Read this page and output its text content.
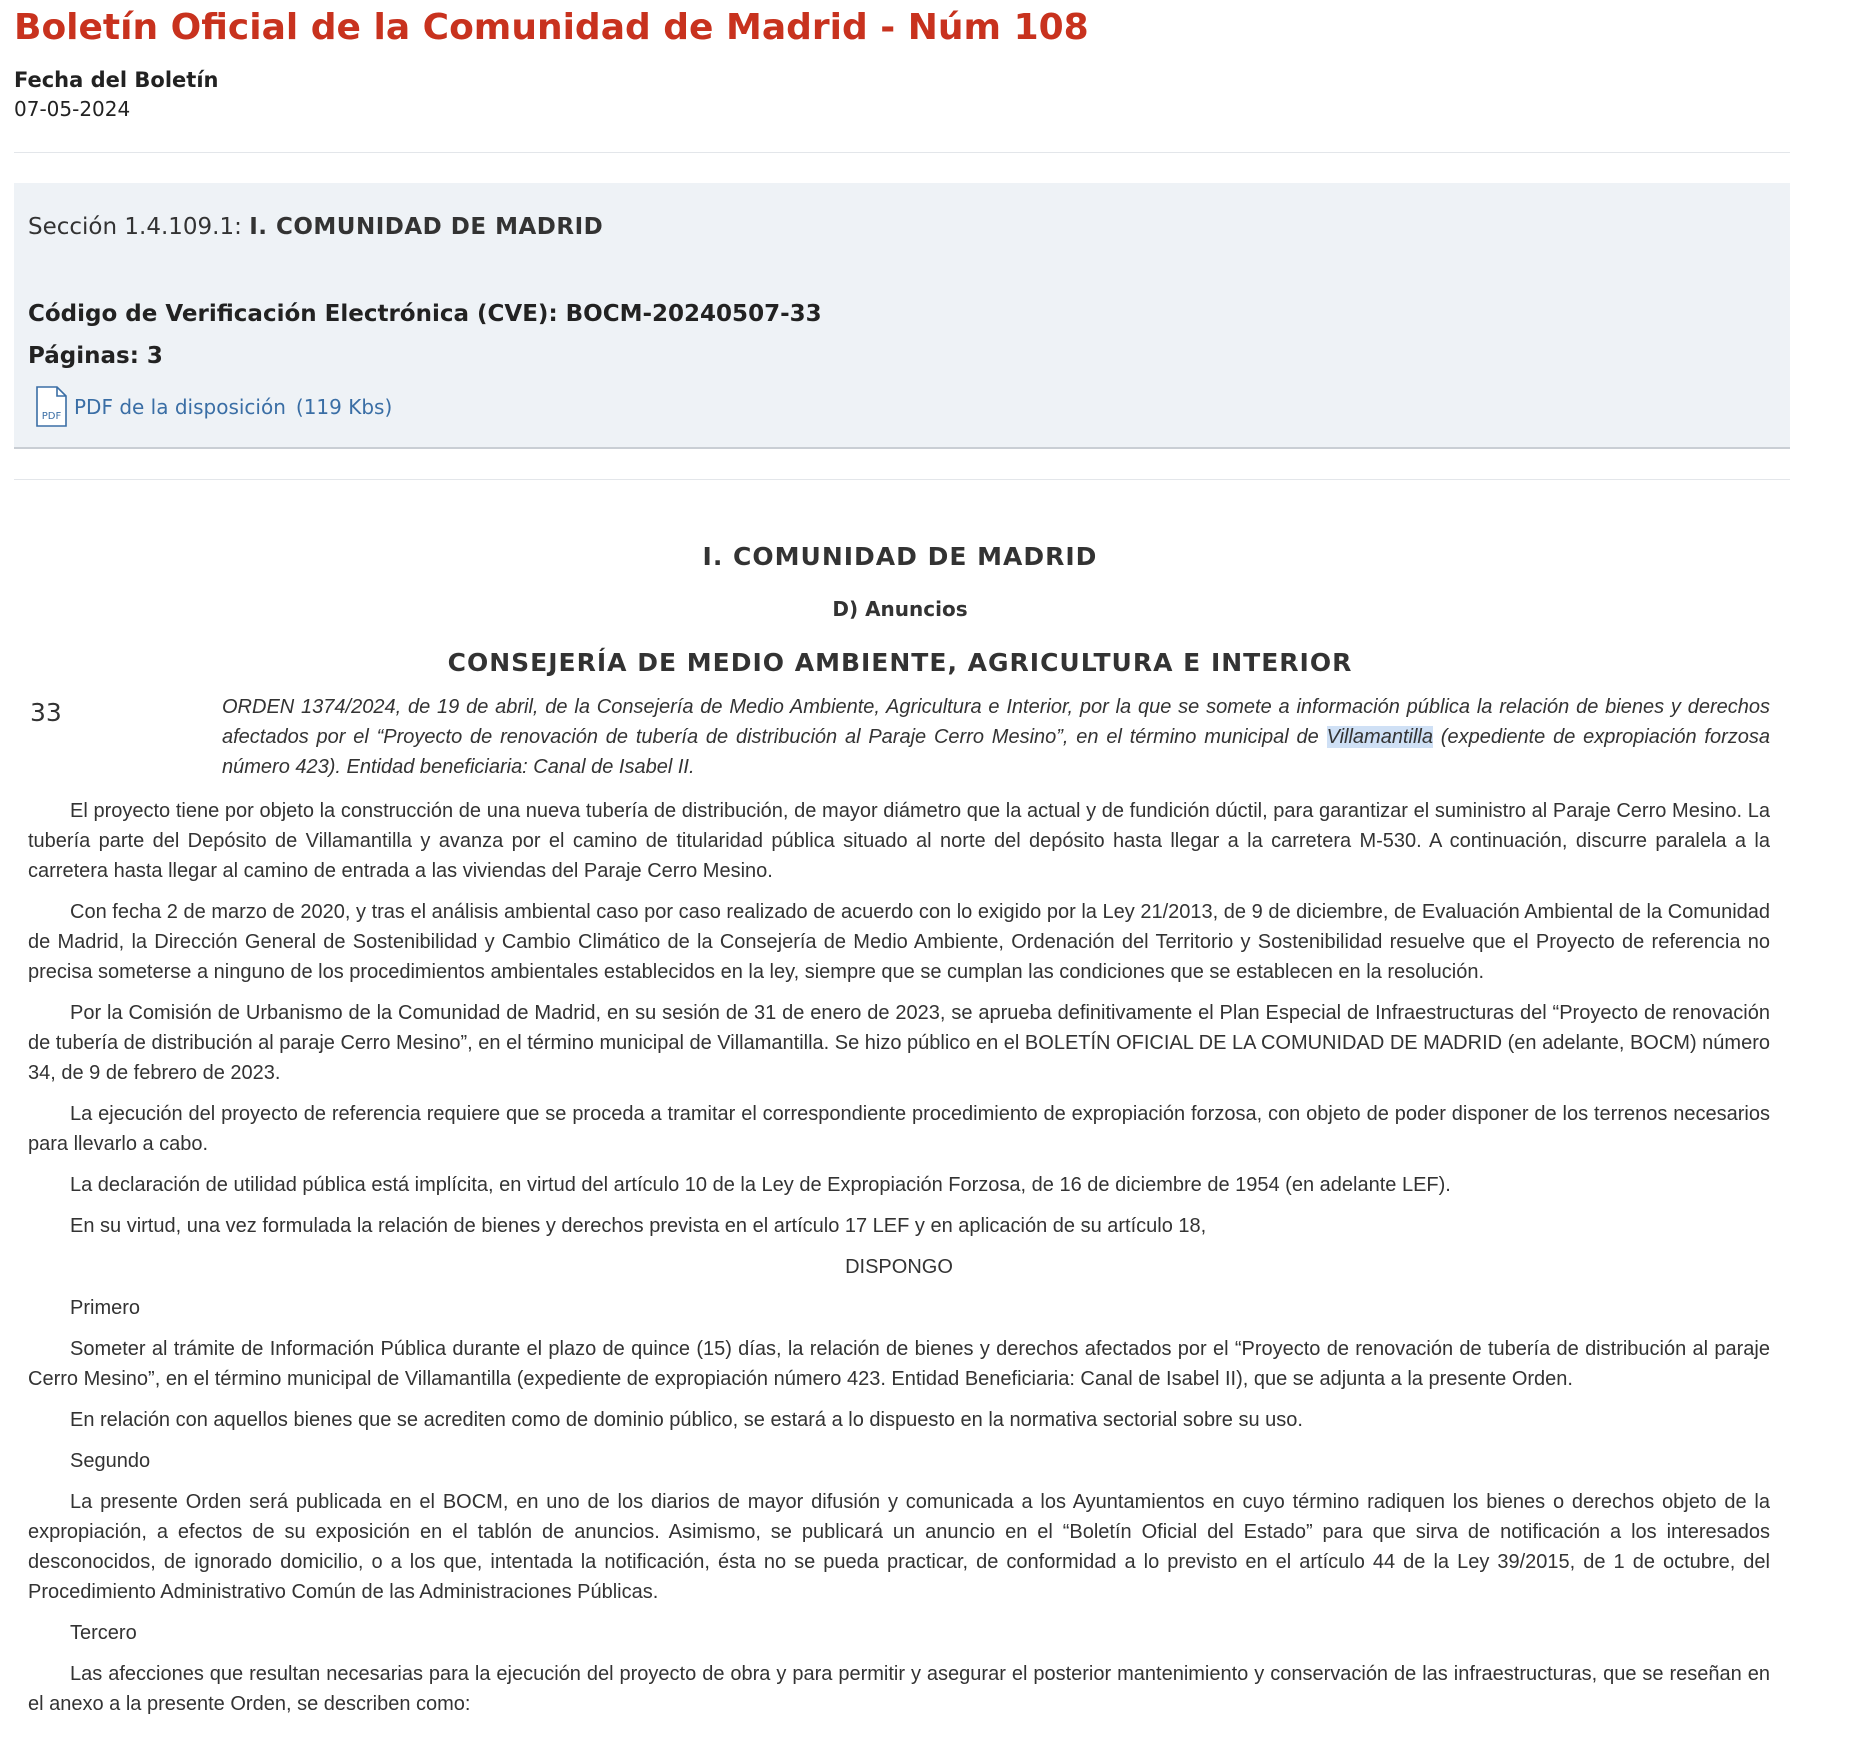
Boletín Oficial de la Comunidad de Madrid - Núm 108
Fecha del Boletín
07-05-2024
Sección 1.4.109.1: I. COMUNIDAD DE MADRID
Código de Verificación Electrónica (CVE): BOCM-20240507-33
Páginas: 3
PDF PDF de la disposición (119 Kbs)
I. COMUNIDAD DE MADRID
D) Anuncios
CONSEJERÍA DE MEDIO AMBIENTE, AGRICULTURA E INTERIOR
33	ORDEN 1374/2024, de 19 de abril, de la Consejería de Medio Ambiente, Agricultura e Interior, por la que se somete a información pública la relación de bienes y derechos afectados por el “Proyecto de renovación de tubería de distribución al Paraje Cerro Mesino”, en el término municipal de Villamantilla (expediente de expropiación forzosa número 423). Entidad beneficiaria: Canal de Isabel II.

El proyecto tiene por objeto la construcción de una nueva tubería de distribución, de mayor diámetro que la actual y de fundición dúctil, para garantizar el suministro al Paraje Cerro Mesino. La tubería parte del Depósito de Villamantilla y avanza por el camino de titularidad pública situado al norte del depósito hasta llegar a la carretera M-530. A continuación, discurre paralela a la carretera hasta llegar al camino de entrada a las viviendas del Paraje Cerro Mesino.

Con fecha 2 de marzo de 2020, y tras el análisis ambiental caso por caso realizado de acuerdo con lo exigido por la Ley 21/2013, de 9 de diciembre, de Evaluación Ambiental de la Comunidad de Madrid, la Dirección General de Sostenibilidad y Cambio Climático de la Consejería de Medio Ambiente, Ordenación del Territorio y Sostenibilidad resuelve que el Proyecto de referencia no precisa someterse a ninguno de los procedimientos ambientales establecidos en la ley, siempre que se cumplan las condiciones que se establecen en la resolución.

Por la Comisión de Urbanismo de la Comunidad de Madrid, en su sesión de 31 de enero de 2023, se aprueba definitivamente el Plan Especial de Infraestructuras del “Proyecto de renovación de tubería de distribución al paraje Cerro Mesino”, en el término municipal de Villamantilla. Se hizo público en el BOLETÍN OFICIAL DE LA COMUNIDAD DE MADRID (en adelante, BOCM) número 34, de 9 de febrero de 2023.

La ejecución del proyecto de referencia requiere que se proceda a tramitar el correspondiente procedimiento de expropiación forzosa, con objeto de poder disponer de los terrenos necesarios para llevarlo a cabo.

La declaración de utilidad pública está implícita, en virtud del artículo 10 de la Ley de Expropiación Forzosa, de 16 de diciembre de 1954 (en adelante LEF).

En su virtud, una vez formulada la relación de bienes y derechos prevista en el artículo 17 LEF y en aplicación de su artículo 18,

DISPONGO

Primero

Someter al trámite de Información Pública durante el plazo de quince (15) días, la relación de bienes y derechos afectados por el “Proyecto de renovación de tubería de distribución al paraje Cerro Mesino”, en el término municipal de Villamantilla (expediente de expropiación número 423. Entidad Beneficiaria: Canal de Isabel II), que se adjunta a la presente Orden.

En relación con aquellos bienes que se acrediten como de dominio público, se estará a lo dispuesto en la normativa sectorial sobre su uso.

Segundo

La presente Orden será publicada en el BOCM, en uno de los diarios de mayor difusión y comunicada a los Ayuntamientos en cuyo término radiquen los bienes o derechos objeto de la expropiación, a efectos de su exposición en el tablón de anuncios. Asimismo, se publicará un anuncio en el “Boletín Oficial del Estado” para que sirva de notificación a los interesados desconocidos, de ignorado domicilio, o a los que, intentada la notificación, ésta no se pueda practicar, de conformidad a lo previsto en el artículo 44 de la Ley 39/2015, de 1 de octubre, del Procedimiento Administrativo Común de las Administraciones Públicas.

Tercero

Las afecciones que resultan necesarias para la ejecución del proyecto de obra y para permitir y asegurar el posterior mantenimiento y conservación de las infraestructuras, que se reseñan en el anexo a la presente Orden, se describen como:
